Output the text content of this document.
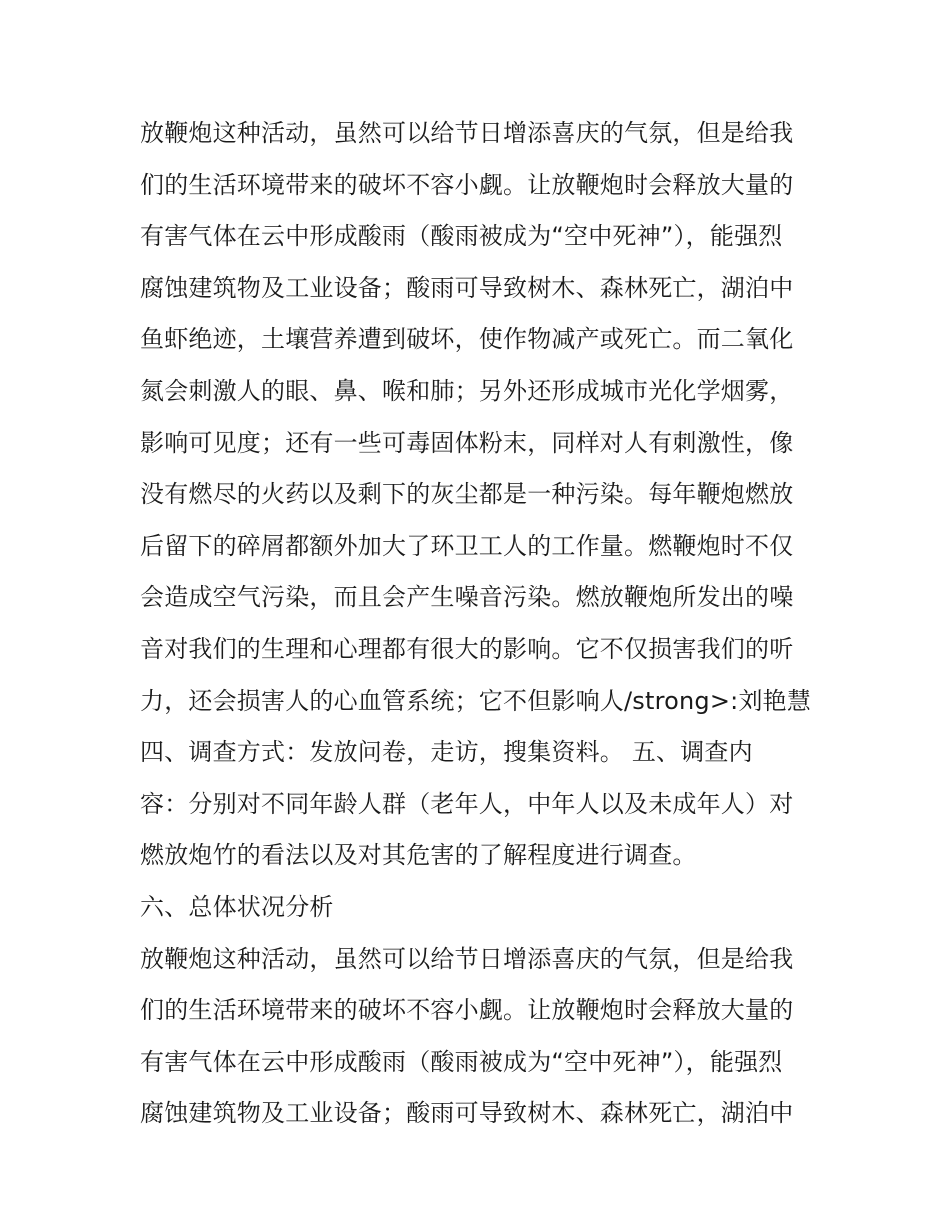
放鞭炮这种活动，虽然可以给节日增添喜庆的气氛，但是给我
们的生活环境带来的破坏不容小觑。让放鞭炮时会释放大量的
有害气体在云中形成酸雨（酸雨被成为“空中死神”），能强烈
腐蚀建筑物及工业设备；酸雨可导致树木、森林死亡，湖泊中
鱼虾绝迹，土壤营养遭到破坏，使作物减产或死亡。而二氧化
氮会刺激人的眼、鼻、喉和肺；另外还形成城市光化学烟雾，
影响可见度；还有一些可毒固体粉末，同样对人有刺激性，像
没有燃尽的火药以及剩下的灰尘都是一种污染。每年鞭炮燃放
后留下的碎屑都额外加大了环卫工人的工作量。燃鞭炮时不仅
会造成空气污染，而且会产生噪音污染。燃放鞭炮所发出的噪
音对我们的生理和心理都有很大的影响。它不仅损害我们的听
力，还会损害人的心血管系统；它不但影响人/strong>:刘艳慧
四、调查方式：发放问卷，走访，搜集资料。 五、调查内
容：分别对不同年龄人群（老年人，中年人以及未成年人）对
燃放炮竹的看法以及对其危害的了解程度进行调查。
六、总体状况分析
放鞭炮这种活动，虽然可以给节日增添喜庆的气氛，但是给我
们的生活环境带来的破坏不容小觑。让放鞭炮时会释放大量的
有害气体在云中形成酸雨（酸雨被成为“空中死神”），能强烈
腐蚀建筑物及工业设备；酸雨可导致树木、森林死亡，湖泊中
